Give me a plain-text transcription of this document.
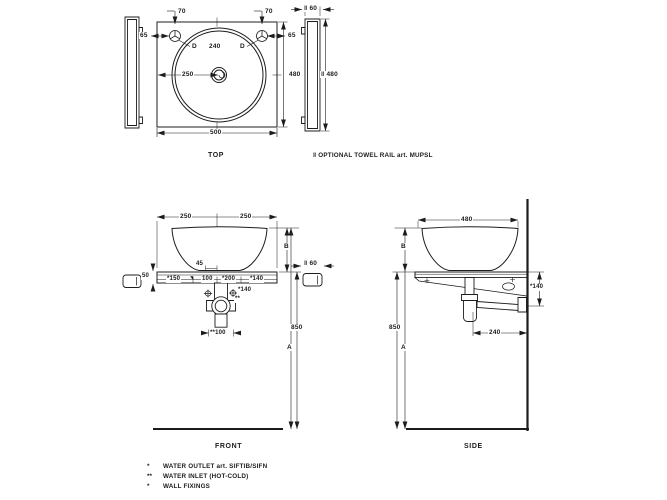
70	70
65	65
D 240	D
250	480
500
TOP
‖ 60
‖ 480
‖ OPTIONAL TOWEL RAIL art. MUPSL
250	250
B
A
850
50
45
*150	100 *200 *140
*140
**
**100
‖ 60
FRONT
480
B
A
850
*140
240
SIDE
*	WATER OUTLET art. SIFTIB/SIFN
**	WATER INLET (HOT-COLD)
*	WALL FIXINGS
